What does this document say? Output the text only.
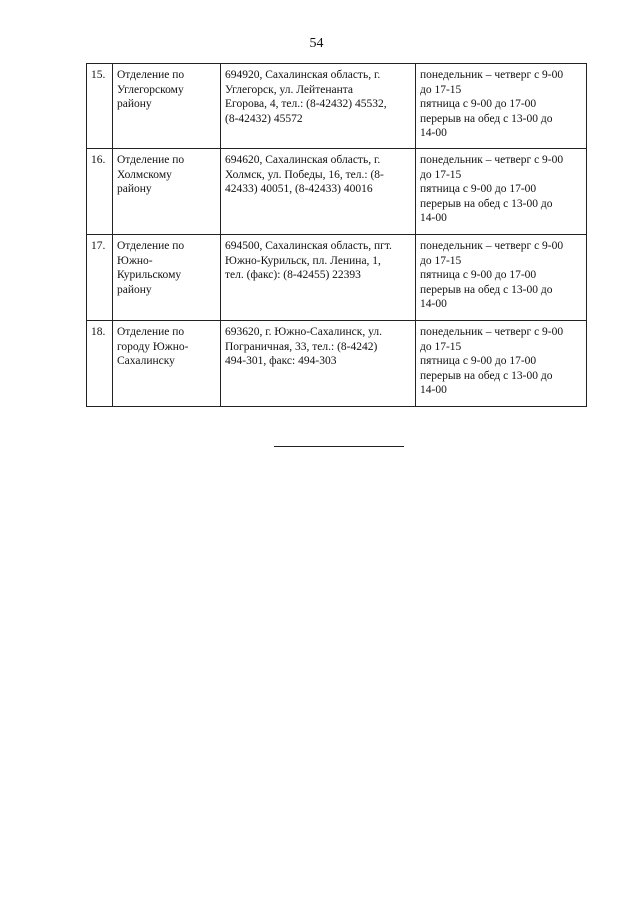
54
15.	Отделение по
Углегорскому
району	694920, Сахалинская область, г.
Углегорск, ул. Лейтенанта
Егорова, 4, тел.: (8-42432) 45532,
(8-42432) 45572	понедельник – четверг с 9-00
до 17-15
пятница с 9-00 до 17-00
перерыв на обед с 13-00 до
14-00
16.	Отделение по
Холмскому
району	694620, Сахалинская область, г.
Холмск, ул. Победы, 16, тел.: (8-
42433) 40051, (8-42433) 40016	понедельник – четверг с 9-00
до 17-15
пятница с 9-00 до 17-00
перерыв на обед с 13-00 до
14-00
17.	Отделение по
Южно-
Курильскому
району	694500, Сахалинская область, пгт.
Южно-Курильск, пл. Ленина, 1,
тел. (факс): (8-42455) 22393	понедельник – четверг с 9-00
до 17-15
пятница с 9-00 до 17-00
перерыв на обед с 13-00 до
14-00
18.	Отделение по
городу Южно-
Сахалинску	693620, г. Южно-Сахалинск, ул.
Пограничная, 33, тел.: (8-4242)
494-301, факс: 494-303	понедельник – четверг с 9-00
до 17-15
пятница с 9-00 до 17-00
перерыв на обед с 13-00 до
14-00
